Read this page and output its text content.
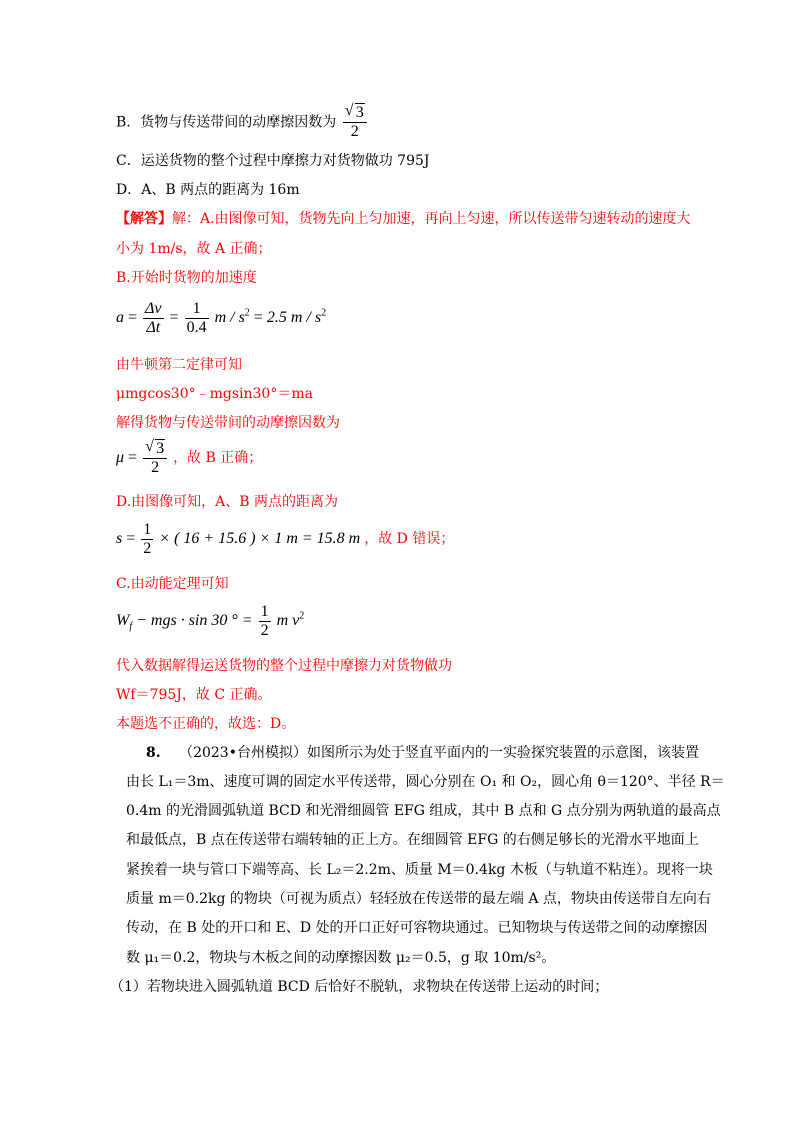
B．货物与传送带间的动摩擦因数为 $\frac{√ 3}{2}$
C．运送货物的整个过程中摩擦力对货物做功 795J
D．A、B 两点的距离为 16m
【解答】解：A.由图像可知，货物先向上匀加速，再向上匀速，所以传送带匀速转动的速度大
小为 1m/s，故 A 正确；
B.开始时货物的加速度
$a = \frac{\Delta v}{\Delta t} = \frac{1}{0.4}$ $m / s^2 = 2.5$ m / $s^2$
由牛顿第二定律可知
μmgcos30°﹣mgsin30°＝ma
解得货物与传送带间的动摩擦因数为
$\mu = \frac{√ 3}{2}$ ，故 B 正确；
D.由图像可知，A、B 两点的距离为
$s = \frac{1}{2}$ × ( 16 + 15.6 ) × 1 m = 15.8 m ，故 D 错误；
C.由动能定理可知
$W_f$ − mgs · sin 30 ° = $\frac{1}{2}$ m $v^2$
代入数据解得运送货物的整个过程中摩擦力对货物做功
Wf＝795J，故 C 正确。
本题选不正确的，故选：D。
8. （2023•台州模拟）如图所示为处于竖直平面内的一实验探究装置的示意图，该装置
由长 L₁＝3m、速度可调的固定水平传送带，圆心分别在 O₁ 和 O₂，圆心角 θ＝120°、半径 R＝
0.4m 的光滑圆弧轨道 BCD 和光滑细圆管 EFG 组成，其中 B 点和 G 点分别为两轨道的最高点
和最低点，B 点在传送带右端转轴的正上方。在细圆管 EFG 的右侧足够长的光滑水平地面上
紧挨着一块与管口下端等高、长 L₂＝2.2m、质量 M＝0.4kg 木板（与轨道不粘连）。现将一块
质量 m＝0.2kg 的物块（可视为质点）轻轻放在传送带的最左端 A 点，物块由传送带自左向右
传动，在 B 处的开口和 E、D 处的开口正好可容物块通过。已知物块与传送带之间的动摩擦因
数 μ₁＝0.2，物块与木板之间的动摩擦因数 μ₂＝0.5，g 取 10m/s²。
（1）若物块进入圆弧轨道 BCD 后恰好不脱轨，求物块在传送带上运动的时间；
